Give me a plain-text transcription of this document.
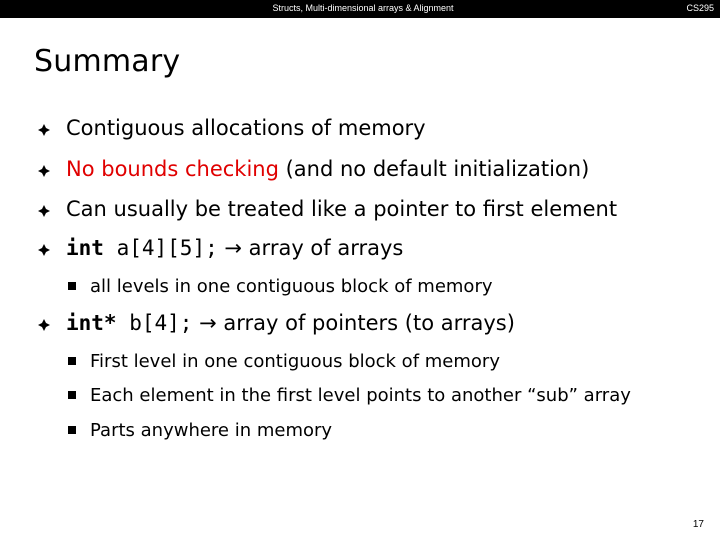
Structs, Multi-dimensional arrays & Alignment	CS295
Summary
Contiguous allocations of memory
No bounds checking (and no default initialization)
Can usually be treated like a pointer to first element
int a[4][5]; → array of arrays
all levels in one contiguous block of memory
int* b[4]; → array of pointers (to arrays)
First level in one contiguous block of memory
Each element in the first level points to another “sub” array
Parts anywhere in memory
17
